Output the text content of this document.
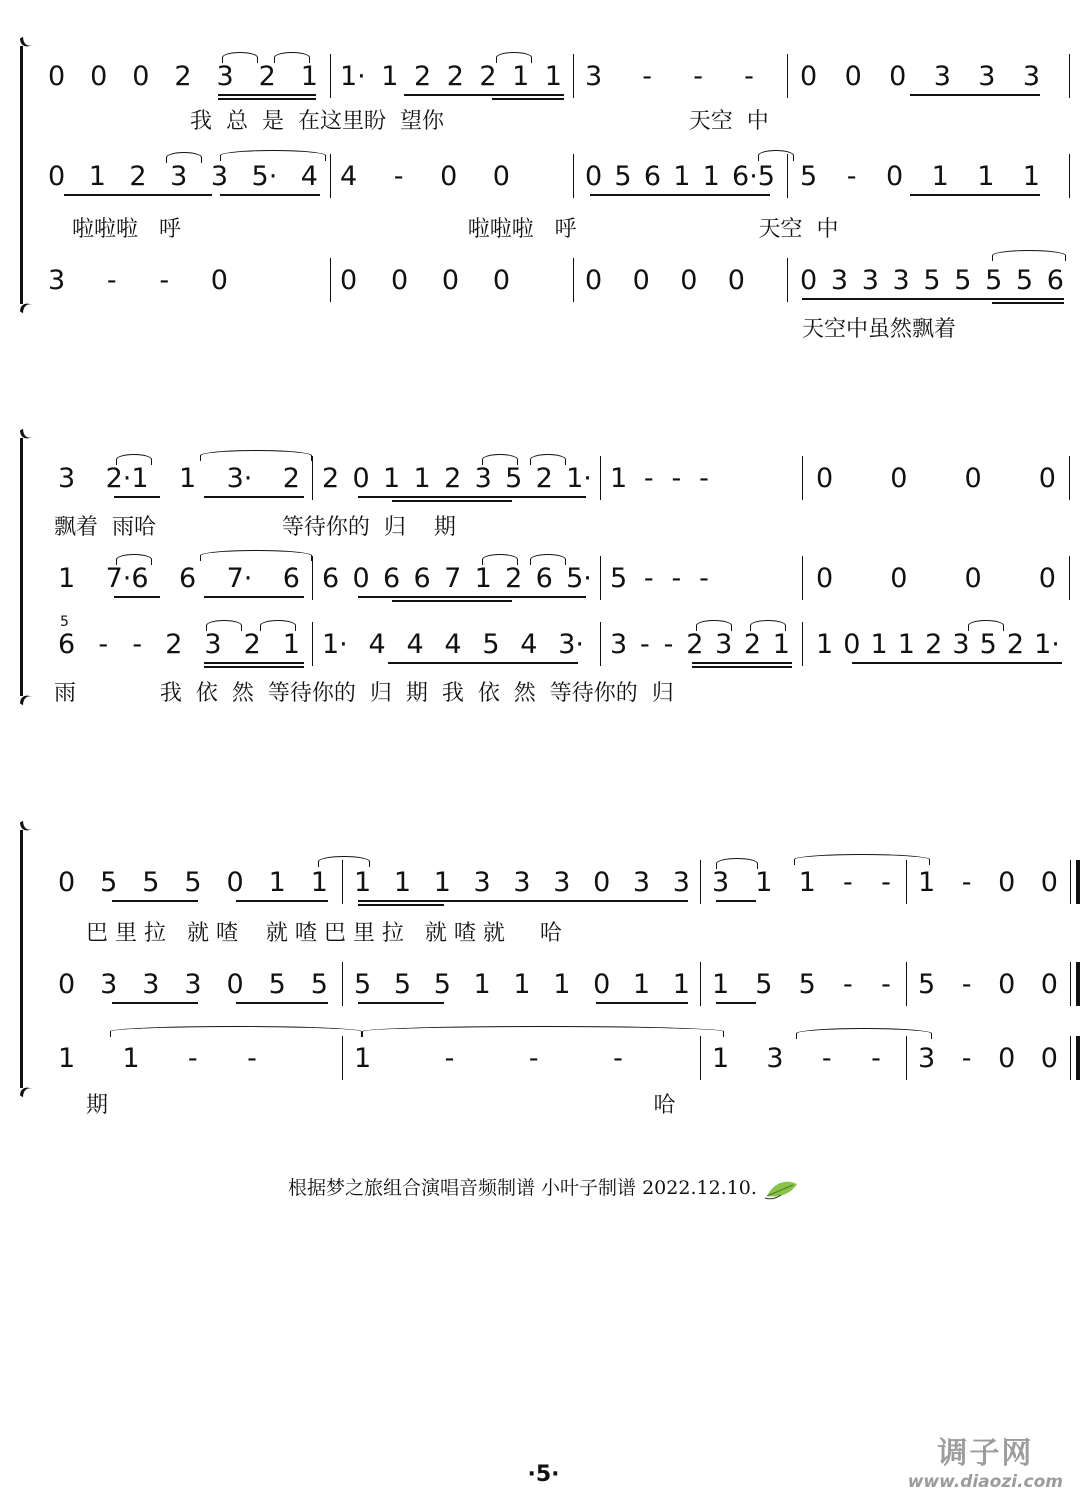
0 0 0 2 3 2 1 1· 1 2 2 2 1 1 3 - - - 0 0 0 3 3 3
我  总  是  在这里盼  望你                                   天空  中
0 1 2 3 3 5· 4 4 - 0 0	0 5 6 1 1 6·5 5 - 0 1 1 1
啦啦啦   呼                                         啦啦啦   呼                          天空  中
3 - - 0	0 0 0 0	0 0 0 0 0 3 3 3 5 5 5 5 6
天空中虽然飘着
3 2·1 1 3· 2 2 0 1 1 2 3 5 2 1· 1 - - -	0 0 0 0
飘着  雨哈                  等待你的  归    期
1 7·6 6 7· 6 6 0 6 6 7 1 2 6 5· 5 - - -	0 0 0 0
5
6 - - 2 3 2 1 1· 4 4 4 5 4 3· 3 - - 2 3 2 1 1 0 1 1 2 3 5 2 1·
雨            我  依  然  等待你的  归  期  我  依  然  等待你的  归
0 5 5 5 0 1 1 1 1 1 3 3 3 0 3 3 3 1 1 - - 1 - 0 0
巴 里 拉   就 喳    就 喳 巴 里 拉   就 喳 就     哈
0 3 3 3 0 5 5 5 5 5 1 1 1 0 1 1 1 5 5 - - 5 - 0 0
1 1 - -	1	-	-	-	1 3 - - 3 - 0 0
期                                                                              哈
根据梦之旅组合演唱音频制谱 小叶子制谱 2022.12.10.
·5·
调子网
www.diaozi.com
